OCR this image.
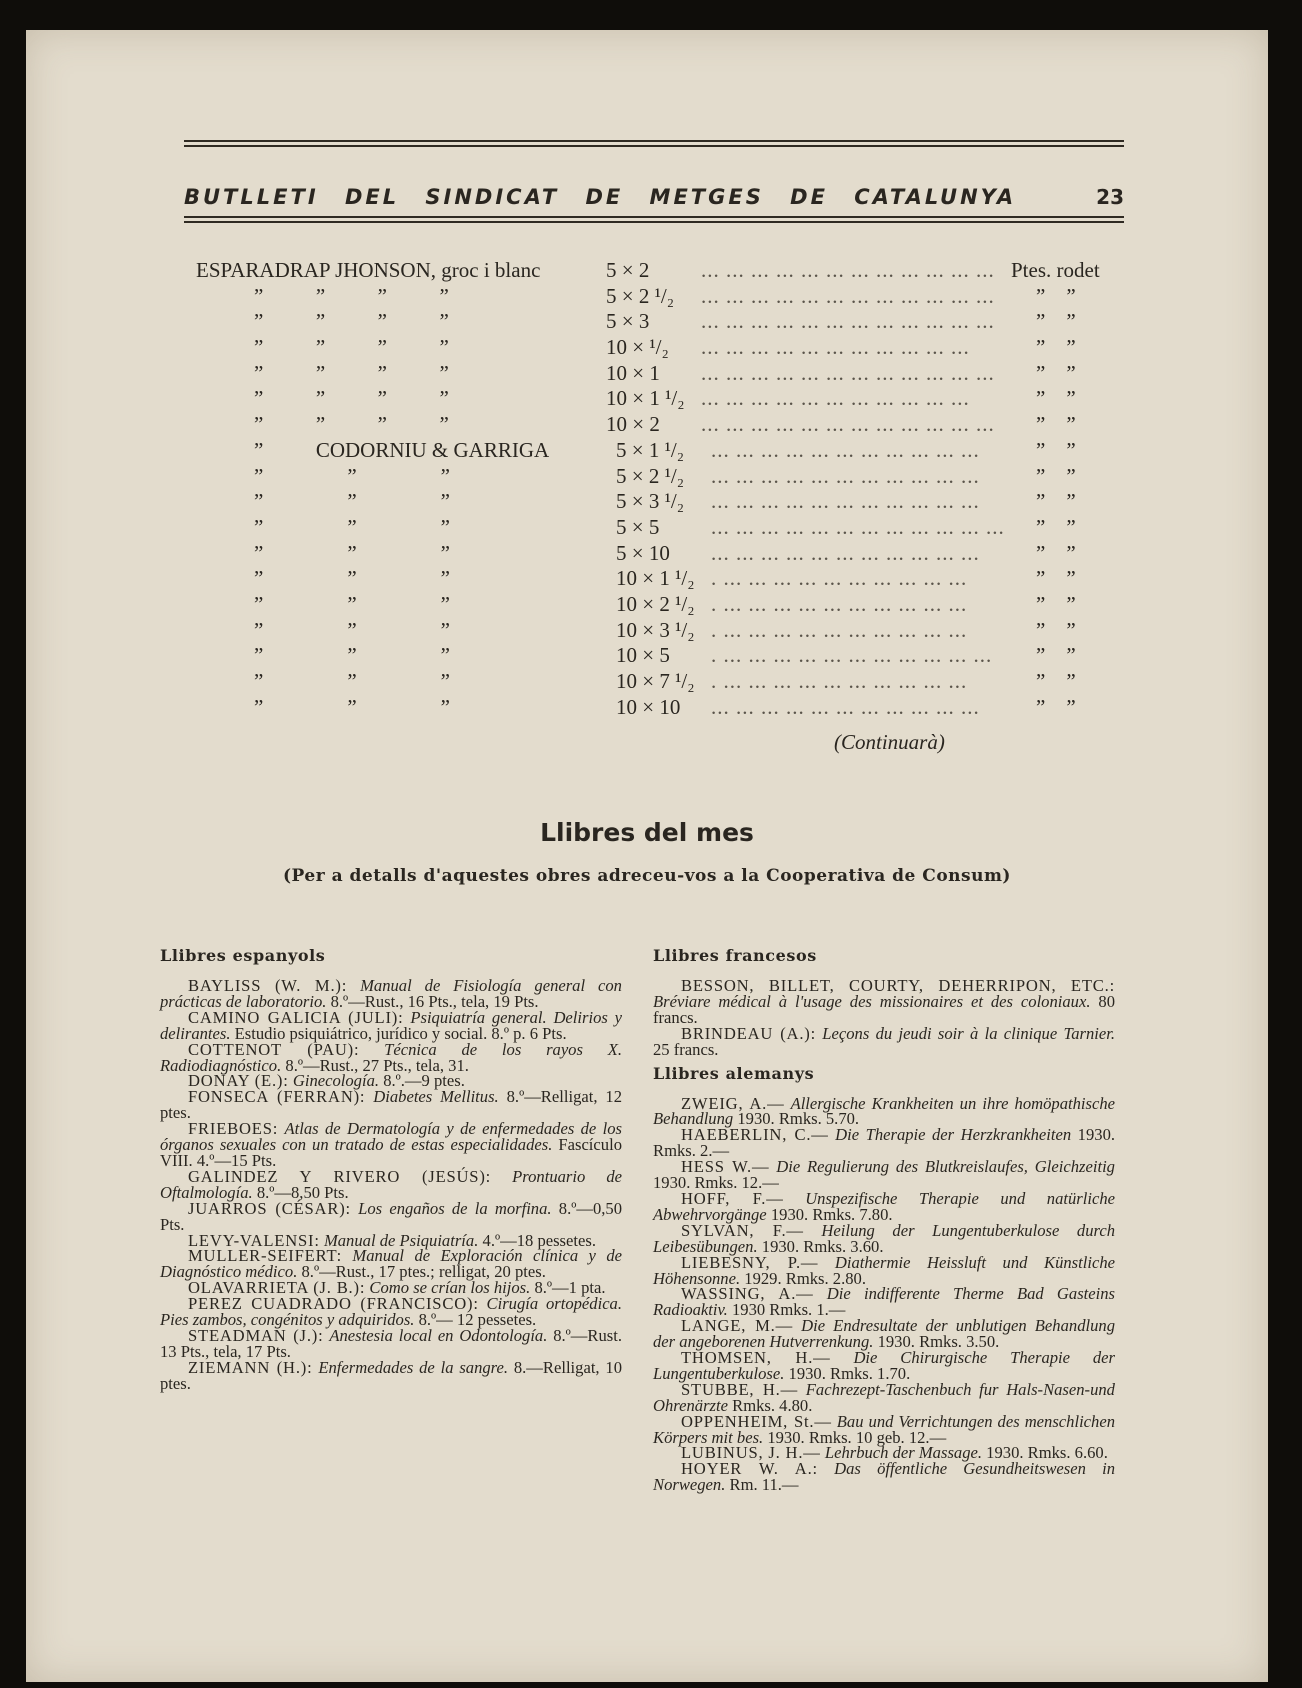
BUTLLETI DEL SINDICAT DE METGES DE CATALUNYA	23
ESPARADRAP JHONSON, groc i blanc	5 × 2 ... ... ... ... ... ... ... ... ... ... ... ... Ptes. rodet
”          ”          ”          ”	5 × 2 ¹/₂ ... ... ... ... ... ... ... ... ... ... ... ... ”    ”
”          ”          ”          ”	5 × 3 ... ... ... ... ... ... ... ... ... ... ... ... ”    ”
”          ”          ”          ”	10 × ¹/₂ ... ... ... ... ... ... ... ... ... ... ...	”    ”
”          ”          ”          ”	10 × 1 ... ... ... ... ... ... ... ... ... ... ... ... ”    ”
”          ”          ”          ”	10 × 1 ¹/₂ ... ... ... ... ... ... ... ... ... ... ...	”    ”
”          ”          ”          ”	10 × 2 ... ... ... ... ... ... ... ... ... ... ... ... ”    ”
”          CODORNIU & GARRIGA	5 × 1 ¹/₂ ... ... ... ... ... ... ... ... ... ... ...	”    ”
”                ”                ”	5 × 2 ¹/₂ ... ... ... ... ... ... ... ... ... ... ...	”    ”
”                ”                ”	5 × 3 ¹/₂ ... ... ... ... ... ... ... ... ... ... ...	”    ”
”                ”                ”	5 × 5 ... ... ... ... ... ... ... ... ... ... ... ... ”    ”
”                ”                ”	5 × 10 ... ... ... ... ... ... ... ... ... ... ...	”    ”
”                ”                ”	10 × 1 ¹/₂ . ... ... ... ... ... ... ... ... ... ...	”    ”
”                ”                ”	10 × 2 ¹/₂ . ... ... ... ... ... ... ... ... ... ...	”    ”
”                ”                ”	10 × 3 ¹/₂ . ... ... ... ... ... ... ... ... ... ...	”    ”
”                ”                ”	10 × 5 . ... ... ... ... ... ... ... ... ... ... ... ”    ”
”                ”                ”	10 × 7 ¹/₂ . ... ... ... ... ... ... ... ... ... ...	”    ”
”                ”                ”	10 × 10 ... ... ... ... ... ... ... ... ... ... ...	”    ”
(Continuarà)
Llibres del mes
(Per a detalls d'aquestes obres adreceu-vos a la Cooperativa de Consum)
Llibres espanyols

BAYLISS (W. M.): Manual de Fisiología general con prácticas de laboratorio. 8.º—Rust., 16 Pts., tela, 19 Pts.

CAMINO GALICIA (JULI): Psiquiatría general. Delirios y delirantes. Estudio psiquiátrico, jurídico y social. 8.º p. 6 Pts.

COTTENOT (PAU): Técnica de los rayos X. Radiodiagnóstico. 8.º—Rust., 27 Pts., tela, 31.

DONAY (E.): Ginecología. 8.º.—9 ptes.

FONSECA (FERRAN): Diabetes Mellitus. 8.º—Relligat, 12 ptes.

FRIEBOES: Atlas de Dermatología y de enfermedades de los órganos sexuales con un tratado de estas especialidades. Fascículo VIII. 4.º—15 Pts.

GALINDEZ Y RIVERO (JESÚS): Prontuario de Oftalmología. 8.º—8,50 Pts.

JUARROS (CÉSAR): Los engaños de la morfina. 8.º—0,50 Pts.

LEVY-VALENSI: Manual de Psiquiatría. 4.º—18 pessetes.

MULLER-SEIFERT: Manual de Exploración clínica y de Diagnóstico médico. 8.º—Rust., 17 ptes.; relligat, 20 ptes.

OLAVARRIETA (J. B.): Como se crían los hijos. 8.º—1 pta.

PEREZ CUADRADO (FRANCISCO): Cirugía ortopédica. Pies zambos, congénitos y adquiridos. 8.º— 12 pessetes.

STEADMAN (J.): Anestesia local en Odontología. 8.º—Rust. 13 Pts., tela, 17 Pts.

ZIEMANN (H.): Enfermedades de la sangre. 8.—Relligat, 10 ptes.

Llibres francesos

BESSON, BILLET, COURTY, DEHERRIPON, ETC.: Bréviare médical à l'usage des missionaires et des coloniaux. 80 francs.

BRINDEAU (A.): Leçons du jeudi soir à la clinique Tarnier. 25 francs.

Llibres alemanys

ZWEIG, A.— Allergische Krankheiten un ihre homöpathische Behandlung 1930. Rmks. 5.70.

HAEBERLIN, C.— Die Therapie der Herzkrankheiten 1930. Rmks. 2.—

HESS W.— Die Regulierung des Blutkreislaufes, Gleichzeitig 1930. Rmks. 12.—

HOFF, F.— Unspezifische Therapie und natürliche Abwehrvorgänge 1930. Rmks. 7.80.

SYLVAN, F.— Heilung der Lungentuberkulose durch Leibesübungen. 1930. Rmks. 3.60.

LIEBESNY, P.— Diathermie Heissluft und Künstliche Höhensonne. 1929. Rmks. 2.80.

WASSING, A.— Die indifferente Therme Bad Gasteins Radioaktiv. 1930 Rmks. 1.—

LANGE, M.— Die Endresultate der unblutigen Behandlung der angeborenen Hutverrenkung. 1930. Rmks. 3.50.

THOMSEN, H.— Die Chirurgische Therapie der Lungentuberkulose. 1930. Rmks. 1.70.

STUBBE, H.— Fachrezept-Taschenbuch fur Hals-Nasen-und Ohrenärzte Rmks. 4.80.

OPPENHEIM, St.— Bau und Verrichtungen des menschlichen Körpers mit bes. 1930. Rmks. 10 geb. 12.—

LUBINUS, J. H.— Lehrbuch der Massage. 1930. Rmks. 6.60.

HOYER W. A.: Das öffentliche Gesundheitswesen in Norwegen. Rm. 11.—
